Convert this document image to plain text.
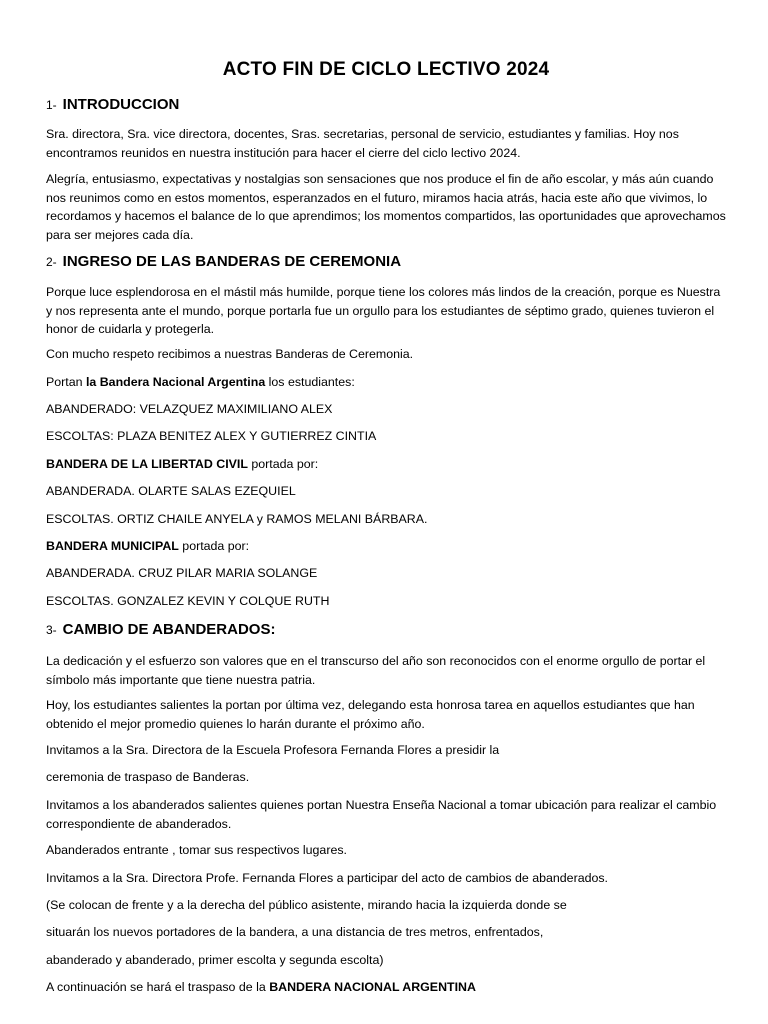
ACTO FIN DE CICLO LECTIVO 2024
1- INTRODUCCION

Sra. directora, Sra. vice directora, docentes, Sras. secretarias, personal de servicio, estudiantes y familias. Hoy nos encontramos reunidos en nuestra institución para hacer el cierre del ciclo lectivo 2024.

Alegría, entusiasmo, expectativas y nostalgias son sensaciones que nos produce el fin de año escolar, y más aún cuando nos reunimos como en estos momentos, esperanzados en el futuro, miramos hacia atrás, hacia este año que vivimos, lo recordamos y hacemos el balance de lo que aprendimos; los momentos compartidos, las oportunidades que aprovechamos para ser mejores cada día.

2- INGRESO DE LAS BANDERAS DE CEREMONIA

Porque luce esplendorosa en el mástil más humilde, porque tiene los colores más lindos de la creación, porque es Nuestra y nos representa ante el mundo, porque portarla fue un orgullo para los estudiantes de séptimo grado, quienes tuvieron el honor de cuidarla y protegerla.

Con mucho respeto recibimos a nuestras Banderas de Ceremonia.

Portan la Bandera Nacional Argentina los estudiantes:

ABANDERADO: VELAZQUEZ MAXIMILIANO ALEX

ESCOLTAS: PLAZA BENITEZ ALEX Y GUTIERREZ CINTIA

BANDERA DE LA LIBERTAD CIVIL portada por:

ABANDERADA. OLARTE SALAS EZEQUIEL

ESCOLTAS. ORTIZ CHAILE ANYELA y RAMOS MELANI BÁRBARA.

BANDERA MUNICIPAL portada por:

ABANDERADA. CRUZ PILAR MARIA SOLANGE

ESCOLTAS. GONZALEZ KEVIN Y COLQUE RUTH

3- CAMBIO DE ABANDERADOS:

La dedicación y el esfuerzo son valores que en el transcurso del año son reconocidos con el enorme orgullo de portar el símbolo más importante que tiene nuestra patria.

Hoy, los estudiantes salientes la portan por última vez, delegando esta honrosa tarea en aquellos estudiantes que han obtenido el mejor promedio quienes lo harán durante el próximo año.

Invitamos a la Sra. Directora de la Escuela Profesora Fernanda Flores a presidir la

ceremonia de traspaso de Banderas.

Invitamos a los abanderados salientes quienes portan Nuestra Enseña Nacional a tomar ubicación para realizar el cambio correspondiente de abanderados.

Abanderados entrante , tomar sus respectivos lugares.

Invitamos a la Sra. Directora Profe. Fernanda Flores a participar del acto de cambios de abanderados.

(Se colocan de frente y a la derecha del público asistente, mirando hacia la izquierda donde se

situarán los nuevos portadores de la bandera, a una distancia de tres metros, enfrentados,

abanderado y abanderado, primer escolta y segunda escolta)

A continuación se hará el traspaso de la BANDERA NACIONAL ARGENTINA
